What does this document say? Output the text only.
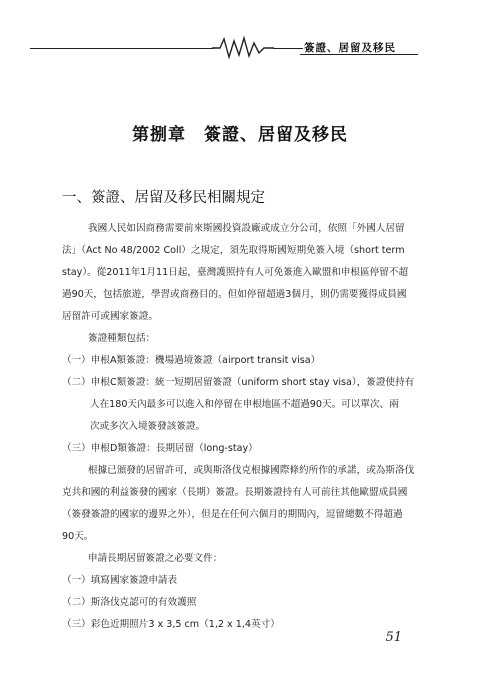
簽證、居留及移民
第捌章　簽證、居留及移民
一、簽證、居留及移民相關規定
我國人民如因商務需要前來斯國投資設廠或成立分公司，依照「外國人居留
法」（Act No 48/2002 Coll）之規定，須先取得斯國短期免簽入境（short term
stay）。從2011年1月11日起，臺灣護照持有人可免簽進入歐盟和申根區停留不超
過90天，包括旅遊，學習或商務目的。但如停留超過3個月，則仍需要獲得成員國
居留許可或國家簽證。
簽證種類包括：
（一）申根A類簽證：機場過境簽證（airport transit visa）
（二）申根C類簽證：統一短期居留簽證（uniform short stay visa），簽證使持有
人在180天內最多可以進入和停留在申根地區不超過90天。可以單次、兩
次或多次入境簽發該簽證。
（三）申根D類簽證：長期居留（long-stay）
根據已頒發的居留許可，或與斯洛伐克根據國際條約所作的承諾，或為斯洛伐
克共和國的利益簽發的國家（長期）簽證。長期簽證持有人可前往其他歐盟成員國
（簽發簽證的國家的邊界之外），但是在任何六個月的期間內，逗留總數不得超過
90天。
申請長期居留簽證之必要文件：
（一）填寫國家簽證申請表
（二）斯洛伐克認可的有效護照
（三）彩色近期照片3 x 3,5 cm（1,2 x 1,4英寸）
51
